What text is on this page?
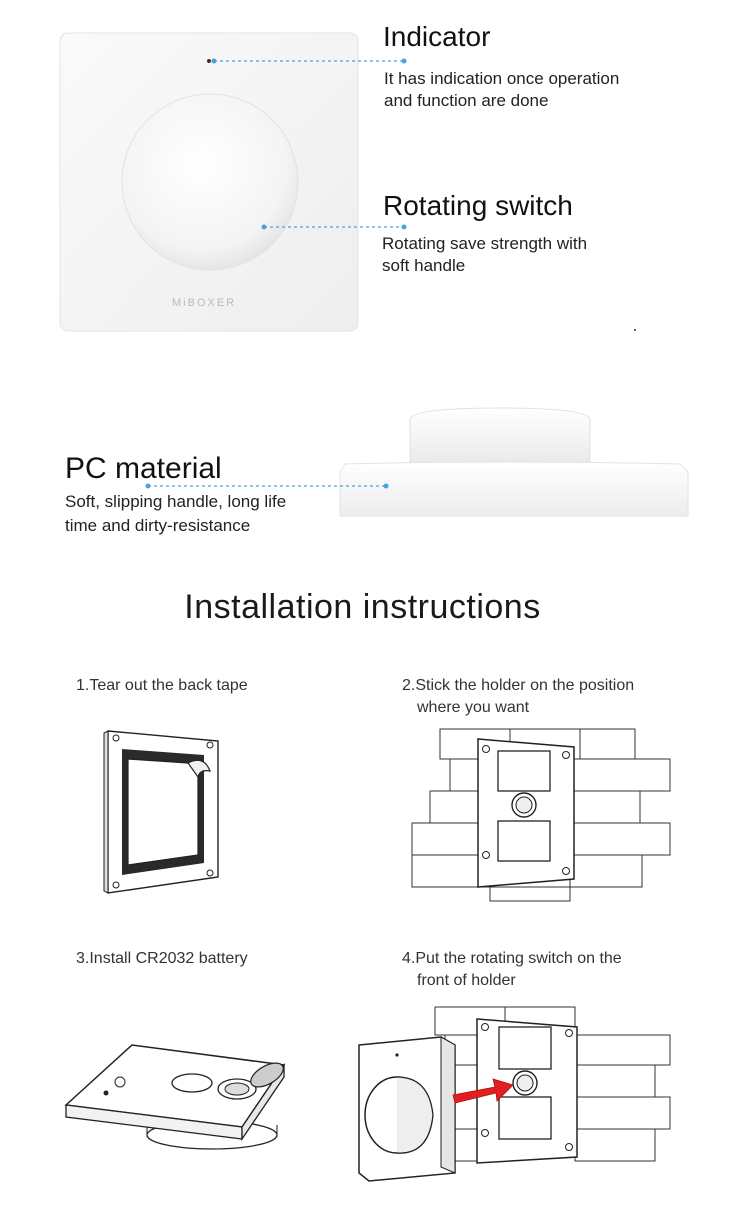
MiBOXER
Indicator
It has indication once operation
and function are done
Rotating switch
Rotating save strength with
soft handle
PC material
Soft, slipping handle, long life
time and dirty-resistance
Installation instructions
1.Tear out the back tape	2.Stick the holder on the position
where you want
3.Install CR2032 battery	4.Put the rotating switch on the
front of holder
